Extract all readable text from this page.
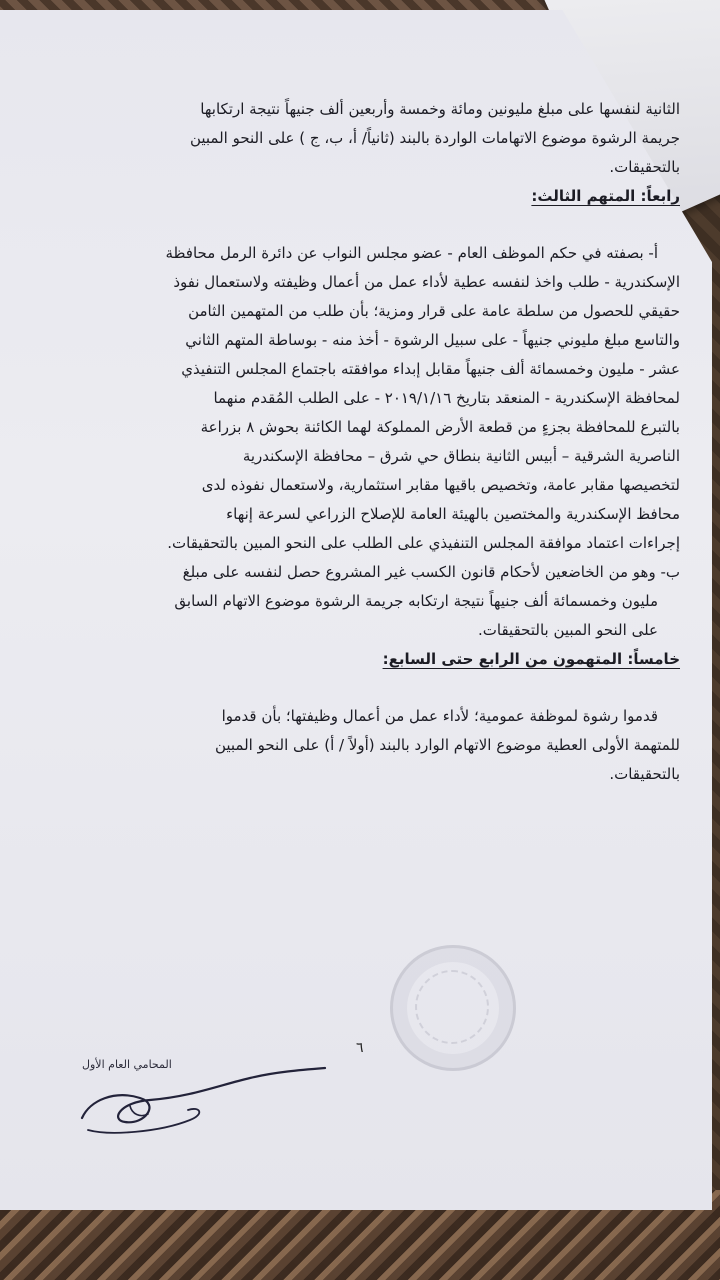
الثانية لنفسها على مبلغ مليونين ومائة وخمسة وأربعين ألف جنيهاً نتيجة ارتكابها
جريمة الرشوة موضوع الاتهامات الواردة بالبند (ثانياً/ أ، ب، ج ) على النحو المبين
بالتحقيقات.
رابعاً: المتهم الثالث:
أ- بصفته في حكم الموظف العام - عضو مجلس النواب عن دائرة الرمل محافظة
الإسكندرية - طلب واخذ لنفسه عطية لأداء عمل من أعمال وظيفته ولاستعمال نفوذ
حقيقي للحصول من سلطة عامة على قرار ومزية؛ بأن طلب من المتهمين الثامن
والتاسع مبلغ مليوني جنيهاً - على سبيل الرشوة - أخذ منه - بوساطة المتهم الثاني
عشر - مليون وخمسمائة ألف جنيهاً مقابل إبداء موافقته باجتماع المجلس التنفيذي
لمحافظة الإسكندرية - المنعقد بتاريخ ٢٠١٩/١/١٦ - على الطلب المُقدم منهما
بالتبرع للمحافظة بجزءٍ من قطعة الأرض المملوكة لهما الكائنة بحوش ٨ بزراعة
الناصرية الشرقية – أبيس الثانية بنطاق حي شرق – محافظة الإسكندرية
لتخصيصها مقابر عامة، وتخصيص باقيها مقابر استثمارية، ولاستعمال نفوذه لدى
محافظ الإسكندرية والمختصين بالهيئة العامة للإصلاح الزراعي لسرعة إنهاء
إجراءات اعتماد موافقة المجلس التنفيذي على الطلب على النحو المبين بالتحقيقات.
ب- وهو من الخاضعين لأحكام قانون الكسب غير المشروع حصل لنفسه على مبلغ
مليون وخمسمائة ألف جنيهاً نتيجة ارتكابه جريمة الرشوة موضوع الاتهام السابق
على النحو المبين بالتحقيقات.
خامساً: المتهمون من الرابع حتى السابع:
قدموا رشوة لموظفة عمومية؛ لأداء عمل من أعمال وظيفتها؛ بأن قدموا
للمتهمة الأولى العطية موضوع الاتهام الوارد بالبند (أولاً / أ) على النحو المبين
بالتحقيقات.
٦
المحامي العام الأول
